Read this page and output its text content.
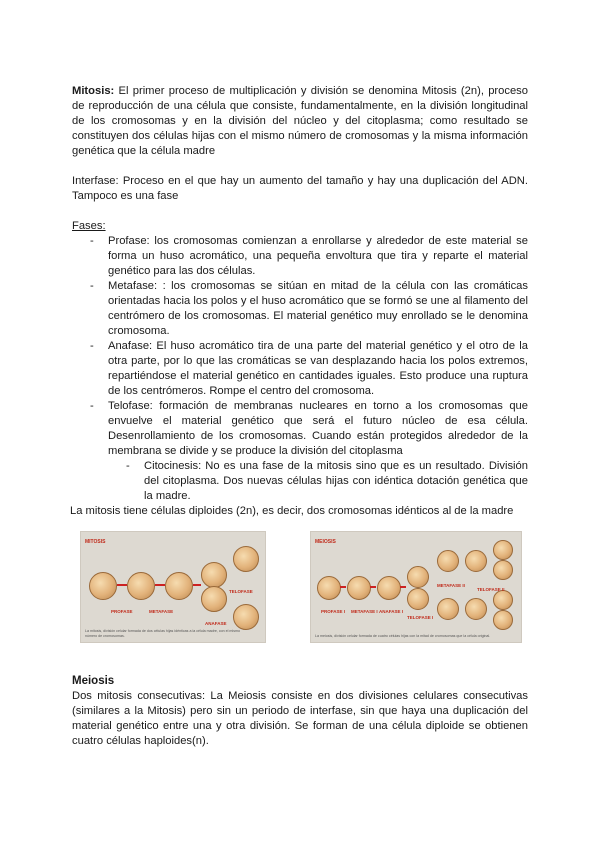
Mitosis: El primer proceso de multiplicación y división se denomina Mitosis (2n), proceso de reproducción de una célula que consiste, fundamentalmente, en la división longitudinal de los cromosomas y en la división del núcleo y del citoplasma; como resultado se constituyen dos células hijas con el mismo número de cromosomas y la misma información genética que la célula madre

Interfase: Proceso en el que hay un aumento del tamaño y hay una duplicación del ADN. Tampoco es una fase

Fases:

- Profase: los cromosomas comienzan a enrollarse y alrededor de este material se forma un huso acromático, una pequeña envoltura que tira y reparte el material genético para las dos células.
- Metafase: : los cromosomas se sitúan en mitad de la célula con las cromáticas orientadas hacia los polos y el huso acromático que se formó se une al filamento del centrómero de los cromosomas. El material genético muy enrollado se le denomina cromosoma.
- Anafase: El huso acromático tira de una parte del material genético y el otro de la otra parte, por lo que las cromáticas se van desplazando hacia los polos extremos, repartiéndose el material genético en cantidades iguales. Esto produce una ruptura de los centrómeros. Rompe el centro del cromosoma.
- Telofase: formación de membranas nucleares en torno a los cromosomas que envuelve el material genético que será el futuro núcleo de esa célula. Desenrollamiento de los cromosomas. Cuando están protegidos alrededor de la membrana se divide y se produce la división del citoplasma
- Citocinesis: No es una fase de la mitosis sino que es un resultado. División del citoplasma. Dos nuevas células hijas con idéntica dotación genética que la madre.

La mitosis tiene células diploides (2n), es decir, dos cromosomas idénticos al de la madre

MITOSIS
PROFASE	METAFASE
ANAFASE
TELOFASE
La mitosis, división celular formada de dos células hijas idénticas a la célula madre, con el mismo número de cromosomas.
MEIOSIS
TELOFASE I
METAFASE II
TELOFASE II
PROFASE I METAFASE I ANAFASE I
La meiosis, división celular formada de cuatro células hijas con la mitad de cromosomas que la célula original.
Meiosis

Dos mitosis consecutivas: La Meiosis consiste en dos divisiones celulares consecutivas (similares a la Mitosis) pero sin un periodo de interfase, sin que haya una duplicación del material genético entre una y otra división. Se forman de una célula diploide se obtienen cuatro células haploides(n).
